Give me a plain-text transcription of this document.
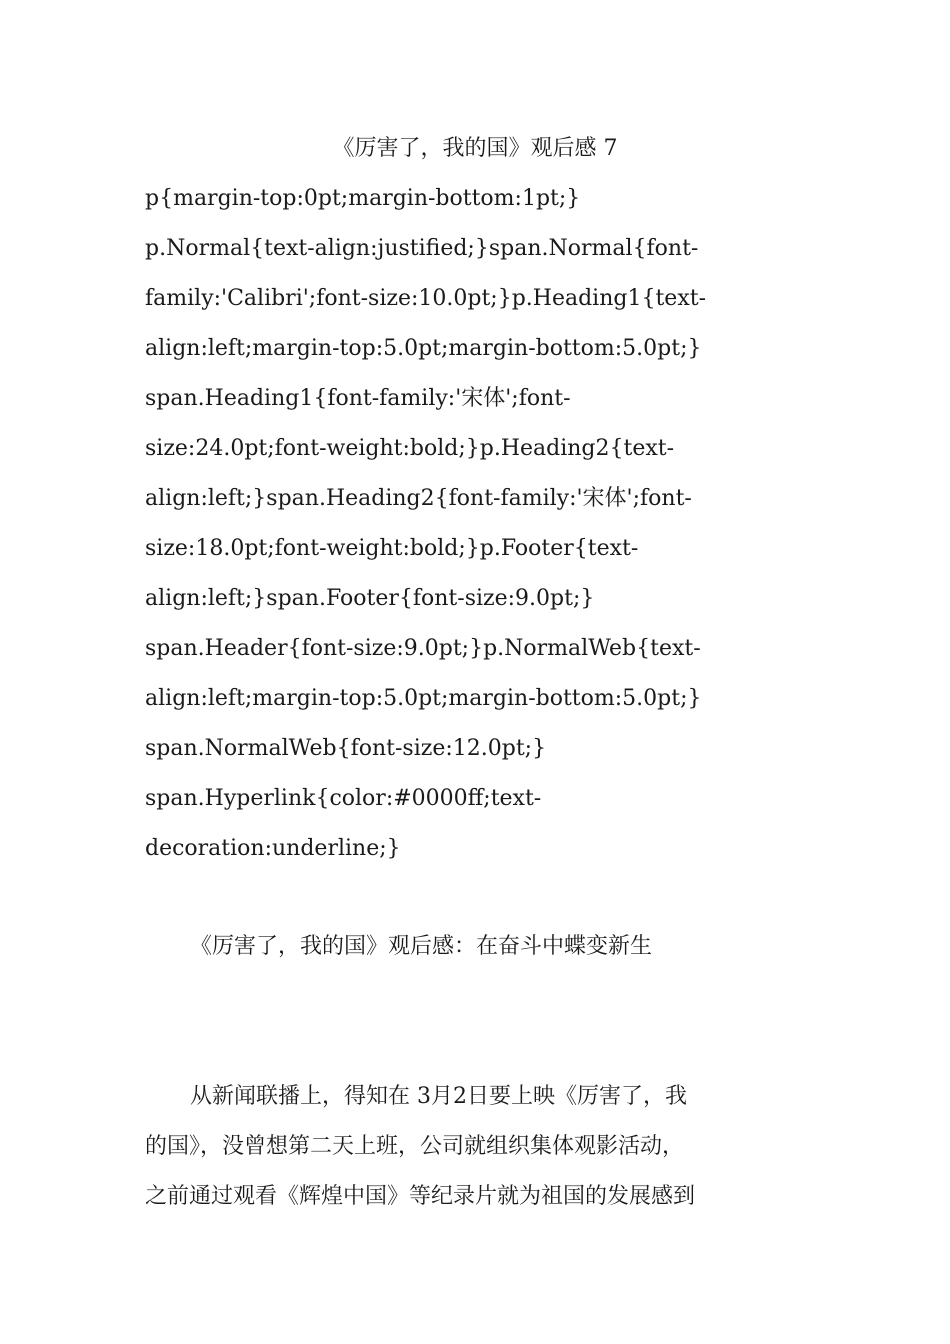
《厉害了，我的国》观后感 7
p{margin-top:0pt;margin-bottom:1pt;}
p.Normal{text-align:justified;}span.Normal{font-
family:'Calibri';font-size:10.0pt;}p.Heading1{text-
align:left;margin-top:5.0pt;margin-bottom:5.0pt;}
span.Heading1{font-family:'宋体';font-
size:24.0pt;font-weight:bold;}p.Heading2{text-
align:left;}span.Heading2{font-family:'宋体';font-
size:18.0pt;font-weight:bold;}p.Footer{text-
align:left;}span.Footer{font-size:9.0pt;}
span.Header{font-size:9.0pt;}p.NormalWeb{text-
align:left;margin-top:5.0pt;margin-bottom:5.0pt;}
span.NormalWeb{font-size:12.0pt;}
span.Hyperlink{color:#0000ff;text-
decoration:underline;}
《厉害了，我的国》观后感：在奋斗中蝶变新生
从新闻联播上，得知在 3月2日要上映《厉害了，我
的国》，没曾想第二天上班，公司就组织集体观影活动，
之前通过观看《辉煌中国》等纪录片就为祖国的发展感到
